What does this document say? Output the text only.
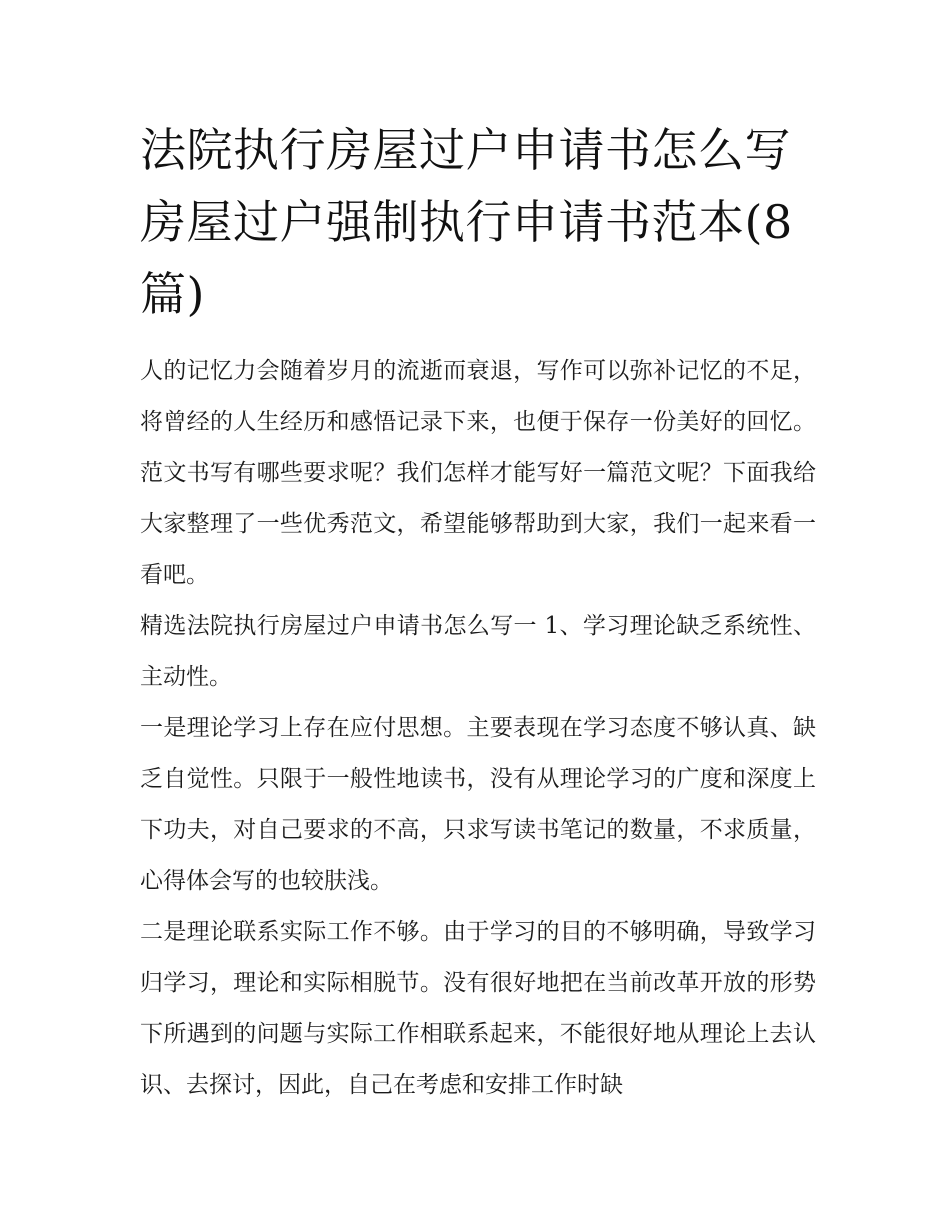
法院执行房屋过户申请书怎么写 房屋过户强制执行申请书范本(8篇)

人的记忆力会随着岁月的流逝而衰退，写作可以弥补记忆的不足，将曾经的人生经历和感悟记录下来，也便于保存一份美好的回忆。范文书写有哪些要求呢？我们怎样才能写好一篇范文呢？下面我给大家整理了一些优秀范文，希望能够帮助到大家，我们一起来看一看吧。

精选法院执行房屋过户申请书怎么写一 1、学习理论缺乏系统性、主动性。

一是理论学习上存在应付思想。主要表现在学习态度不够认真、缺乏自觉性。只限于一般性地读书，没有从理论学习的广度和深度上下功夫，对自己要求的不高，只求写读书笔记的数量，不求质量，心得体会写的也较肤浅。

二是理论联系实际工作不够。由于学习的目的不够明确，导致学习归学习，理论和实际相脱节。没有很好地把在当前改革开放的形势下所遇到的问题与实际工作相联系起来，不能很好地从理论上去认识、去探讨，因此，自己在考虑和安排工作时缺
